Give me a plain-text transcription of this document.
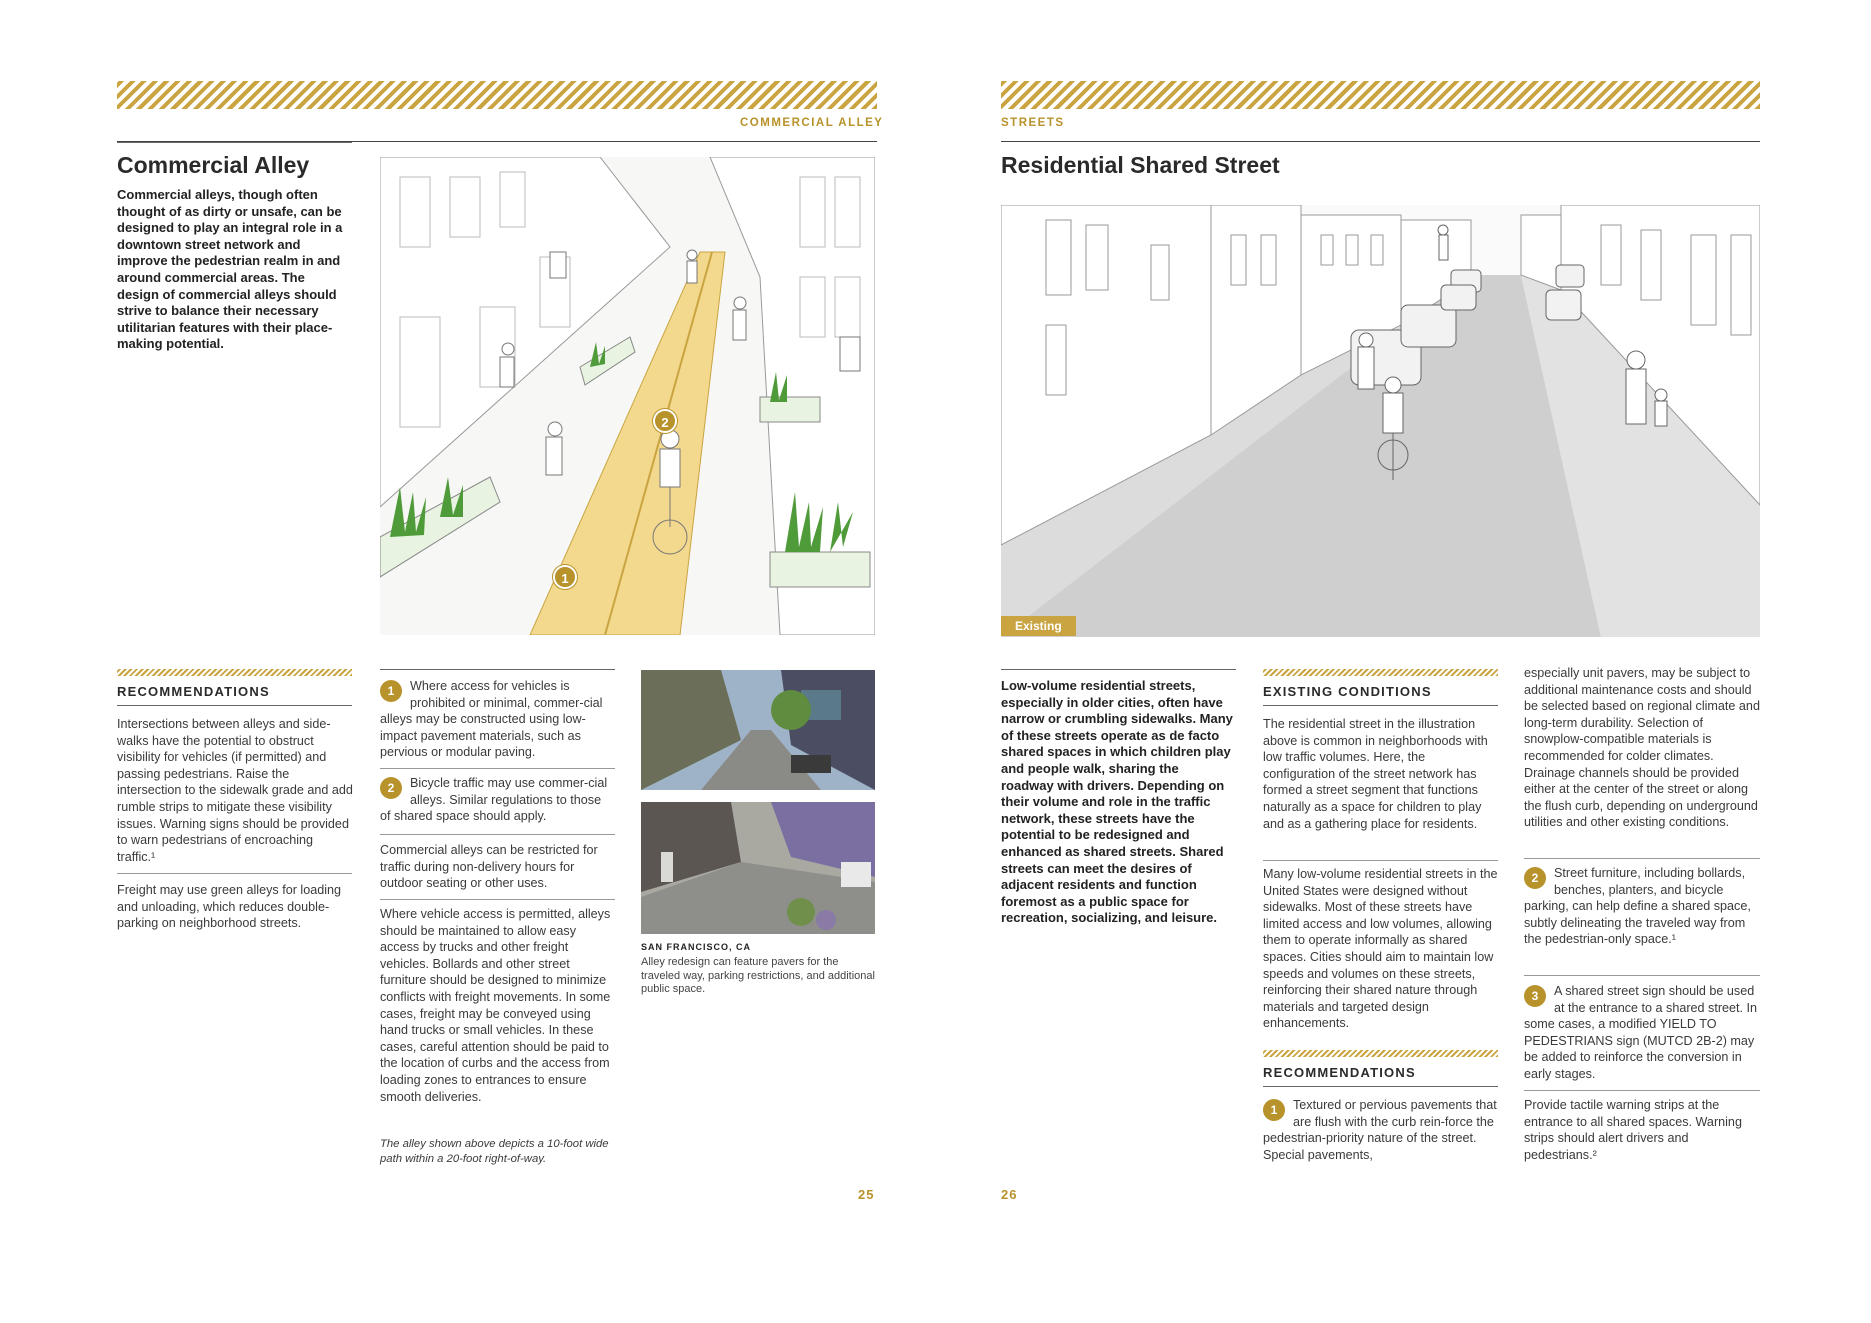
COMMERCIAL ALLEY
Commercial Alley
Commercial alleys, though often thought of as dirty or unsafe, can be designed to play an integral role in a downtown street network and improve the pedestrian realm in and around commercial areas. The design of commercial alleys should strive to balance their necessary utilitarian features with their place-making potential.
2
1
RECOMMENDATIONS
Intersections between alleys and side-walks have the potential to obstruct visibility for vehicles (if permitted) and passing pedestrians. Raise the intersection to the sidewalk grade and add rumble strips to mitigate these visibility issues. Warning signs should be provided to warn pedestrians of encroaching traffic.¹
Freight may use green alleys for loading and unloading, which reduces double-parking on neighborhood streets.
1	Where access for vehicles is prohibited or minimal, commer-cial alleys may be constructed using low-impact pavement materials, such as pervious or modular paving.
2	Bicycle traffic may use commer-cial alleys. Similar regulations to those of shared space should apply.
Commercial alleys can be restricted for traffic during non-delivery hours for outdoor seating or other uses.
Where vehicle access is permitted, alleys should be maintained to allow easy access by trucks and other freight vehicles. Bollards and other street furniture should be designed to minimize conflicts with freight movements. In some cases, freight may be conveyed using hand trucks or small vehicles. In these cases, careful attention should be paid to the location of curbs and the access from loading zones to entrances to ensure smooth deliveries.
The alley shown above depicts a 10-foot wide path within a 20-foot right-of-way.
SAN FRANCISCO, CA
Alley redesign can feature pavers for the traveled way, parking restrictions, and additional public space.
25
STREETS
Residential Shared Street
Existing
Low-volume residential streets, especially in older cities, often have narrow or crumbling sidewalks. Many of these streets operate as de facto shared spaces in which children play and people walk, sharing the roadway with drivers. Depending on their volume and role in the traffic network, these streets have the potential to be redesigned and enhanced as shared streets. Shared streets can meet the desires of adjacent residents and function foremost as a public space for recreation, socializing, and leisure.
EXISTING CONDITIONS
The residential street in the illustration above is common in neighborhoods with low traffic volumes. Here, the configuration of the street network has formed a street segment that functions naturally as a space for children to play and as a gathering place for residents.
Many low-volume residential streets in the United States were designed without sidewalks. Most of these streets have limited access and low volumes, allowing them to operate informally as shared spaces. Cities should aim to maintain low speeds and volumes on these streets, reinforcing their shared nature through materials and targeted design enhancements.
RECOMMENDATIONS
1	Textured or pervious pavements that are flush with the curb rein-force the pedestrian-priority nature of the street. Special pavements,
especially unit pavers, may be subject to additional maintenance costs and should be selected based on regional climate and long-term durability. Selection of snowplow-compatible materials is recommended for colder climates. Drainage channels should be provided either at the center of the street or along the flush curb, depending on underground utilities and other existing conditions.
2	Street furniture, including bollards, benches, planters, and bicycle parking, can help define a shared space, subtly delineating the traveled way from the pedestrian-only space.¹
3	A shared street sign should be used at the entrance to a shared street. In some cases, a modified YIELD TO PEDESTRIANS sign (MUTCD 2B-2) may be added to reinforce the conversion in early stages.
Provide tactile warning strips at the entrance to all shared spaces. Warning strips should alert drivers and pedestrians.²
26
